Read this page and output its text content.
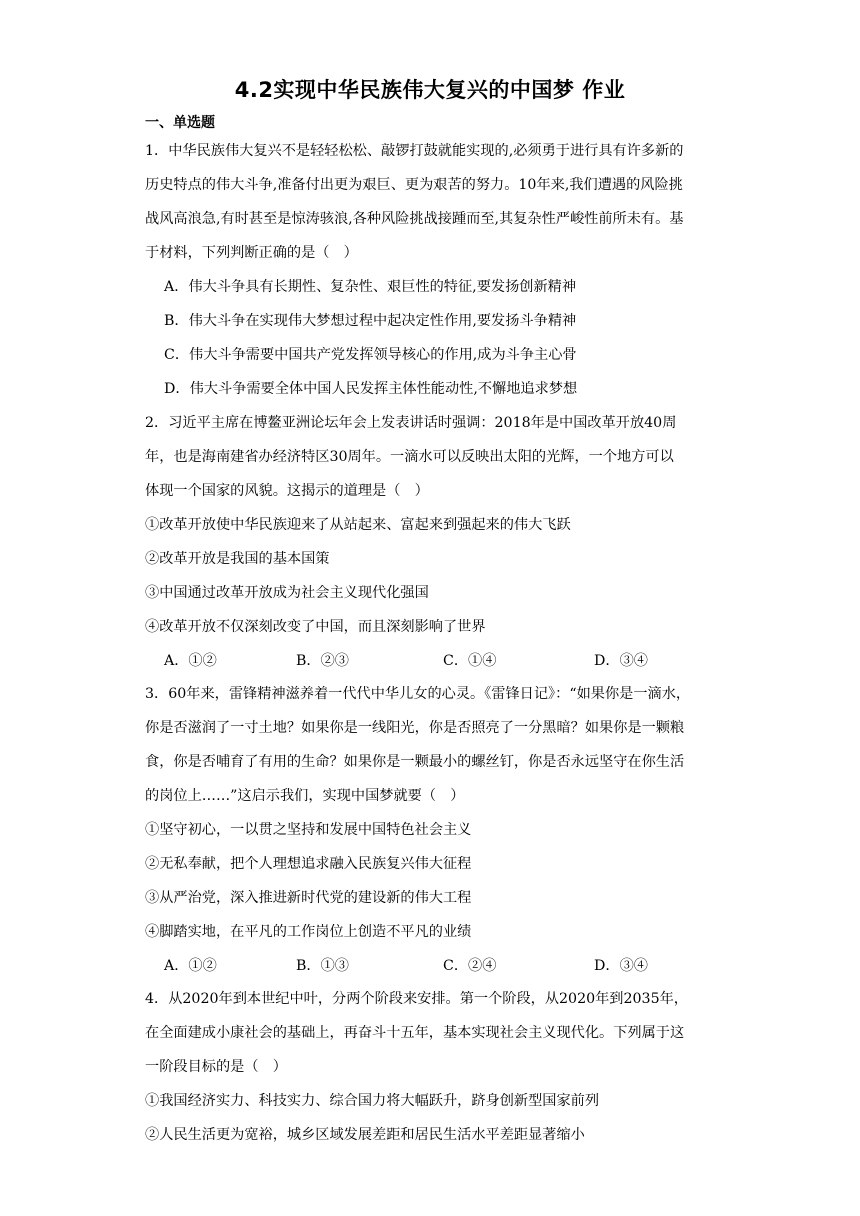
4.2实现中华民族伟大复兴的中国梦 作业
一、单选题
1．中华民族伟大复兴不是轻轻松松、敲锣打鼓就能实现的,必须勇于进行具有许多新的
历史特点的伟大斗争,准备付出更为艰巨、更为艰苦的努力。10年来,我们遭遇的风险挑
战风高浪急,有时甚至是惊涛骇浪,各种风险挑战接踵而至,其复杂性严峻性前所未有。基
于材料，下列判断正确的是（　）
A．伟大斗争具有长期性、复杂性、艰巨性的特征,要发扬创新精神
B．伟大斗争在实现伟大梦想过程中起决定性作用,要发扬斗争精神
C．伟大斗争需要中国共产党发挥领导核心的作用,成为斗争主心骨
D．伟大斗争需要全体中国人民发挥主体性能动性,不懈地追求梦想
2．习近平主席在博鳌亚洲论坛年会上发表讲话时强调：2018年是中国改革开放40周
年，也是海南建省办经济特区30周年。一滴水可以反映出太阳的光辉，一个地方可以
体现一个国家的风貌。这揭示的道理是（　）
①改革开放使中华民族迎来了从站起来、富起来到强起来的伟大飞跃
②改革开放是我国的基本国策
③中国通过改革开放成为社会主义现代化强国
④改革开放不仅深刻改变了中国，而且深刻影响了世界
A．①②	B．②③	C．①④	D．③④
3．60年来，雷锋精神滋养着一代代中华儿女的心灵。《雷锋日记》：“如果你是一滴水，
你是否滋润了一寸土地？如果你是一线阳光，你是否照亮了一分黑暗？如果你是一颗粮
食，你是否哺育了有用的生命？如果你是一颗最小的螺丝钉，你是否永远坚守在你生活
的岗位上……”这启示我们，实现中国梦就要（　）
①坚守初心，一以贯之坚持和发展中国特色社会主义
②无私奉献，把个人理想追求融入民族复兴伟大征程
③从严治党，深入推进新时代党的建设新的伟大工程
④脚踏实地，在平凡的工作岗位上创造不平凡的业绩
A．①②	B．①③	C．②④	D．③④
4．从2020年到本世纪中叶，分两个阶段来安排。第一个阶段，从2020年到2035年，
在全面建成小康社会的基础上，再奋斗十五年，基本实现社会主义现代化。下列属于这
一阶段目标的是（　）
①我国经济实力、科技实力、综合国力将大幅跃升，跻身创新型国家前列
②人民生活更为宽裕，城乡区域发展差距和居民生活水平差距显著缩小
